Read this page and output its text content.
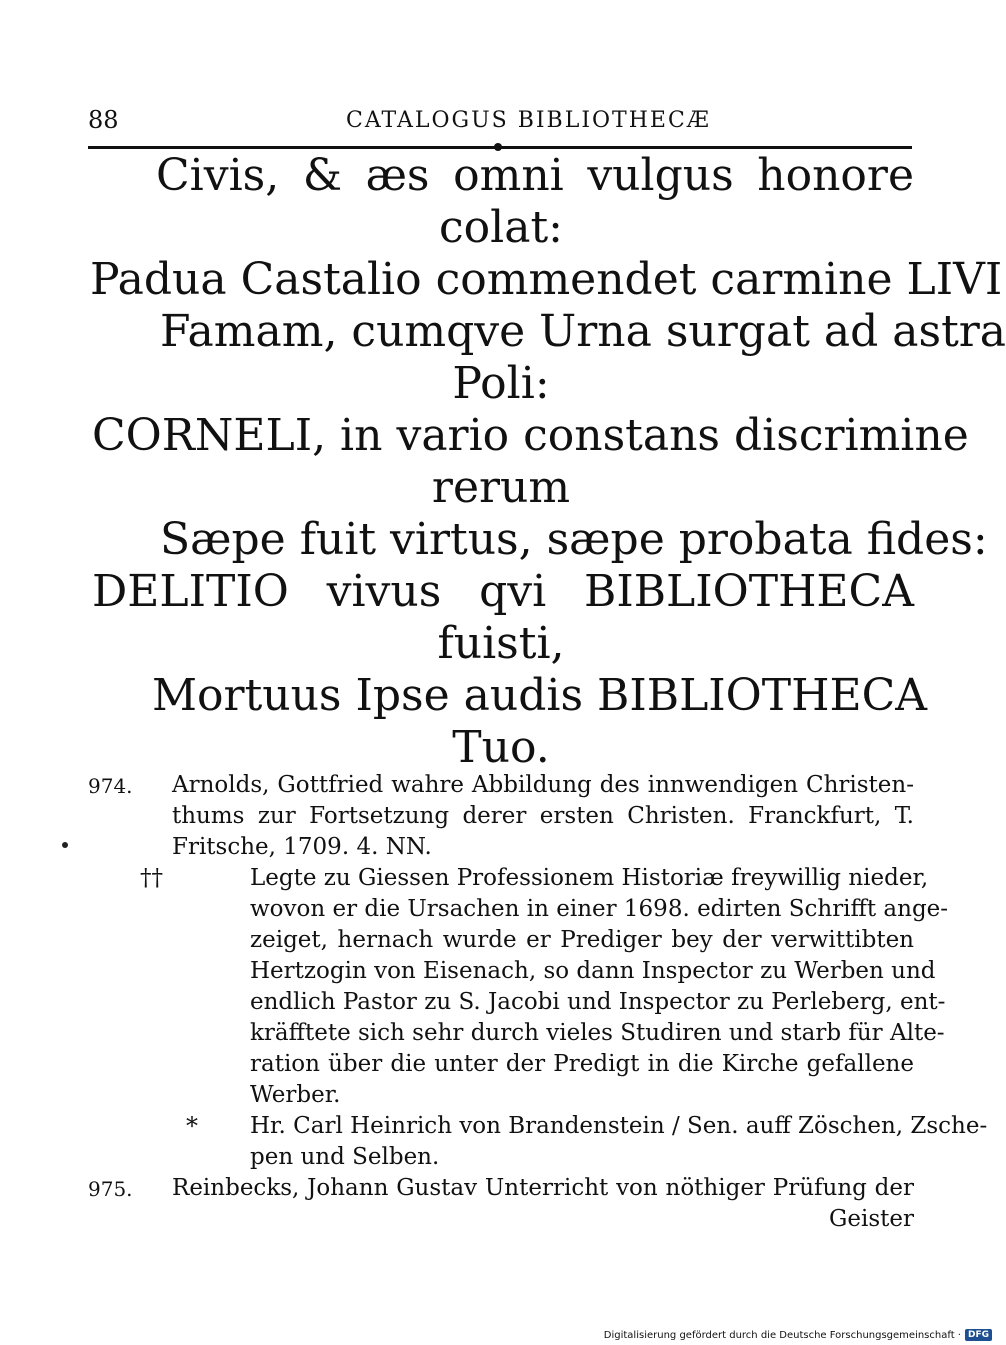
88	CATALOGUS BIBLIOTHECÆ
Civis, & æs omni vulgus honore
colat:
Padua Castalio commendet carmine LIVI
Famam, cumqve Urna surgat ad astra
Poli:
CORNELI, in vario constans discrimine
rerum
Sæpe fuit virtus, sæpe probata fides:
DELITIO vivus qvi BIBLIOTHECA
fuisti,
Mortuus Ipse audis BIBLIOTHECA
Tuo.
974. Arnolds, Gottfried wahre Abbildung des innwendigen Christen-
thums zur Fortsetzung derer ersten Christen. Franckfurt, T.
Fritsche, 1709. 4. NN.
††	Legte zu Giessen Professionem Historiæ freywillig nieder,
wovon er die Ursachen in einer 1698. edirten Schrifft ange-
zeiget, hernach wurde er Prediger bey der verwittibten
Hertzogin von Eisenach, so dann Inspector zu Werben und
endlich Pastor zu S. Jacobi und Inspector zu Perleberg, ent-
kräfftete sich sehr durch vieles Studiren und starb für Alte-
ration über die unter der Predigt in die Kirche gefallene
Werber.
* Hr. Carl Heinrich von Brandenstein / Sen. auff Zöschen, Zsche-
pen und Selben.
975. Reinbecks, Johann Gustav Unterricht von nöthiger Prüfung der
Geister
Digitalisierung gefördert durch die Deutsche Forschungsgemeinschaft · DFG
